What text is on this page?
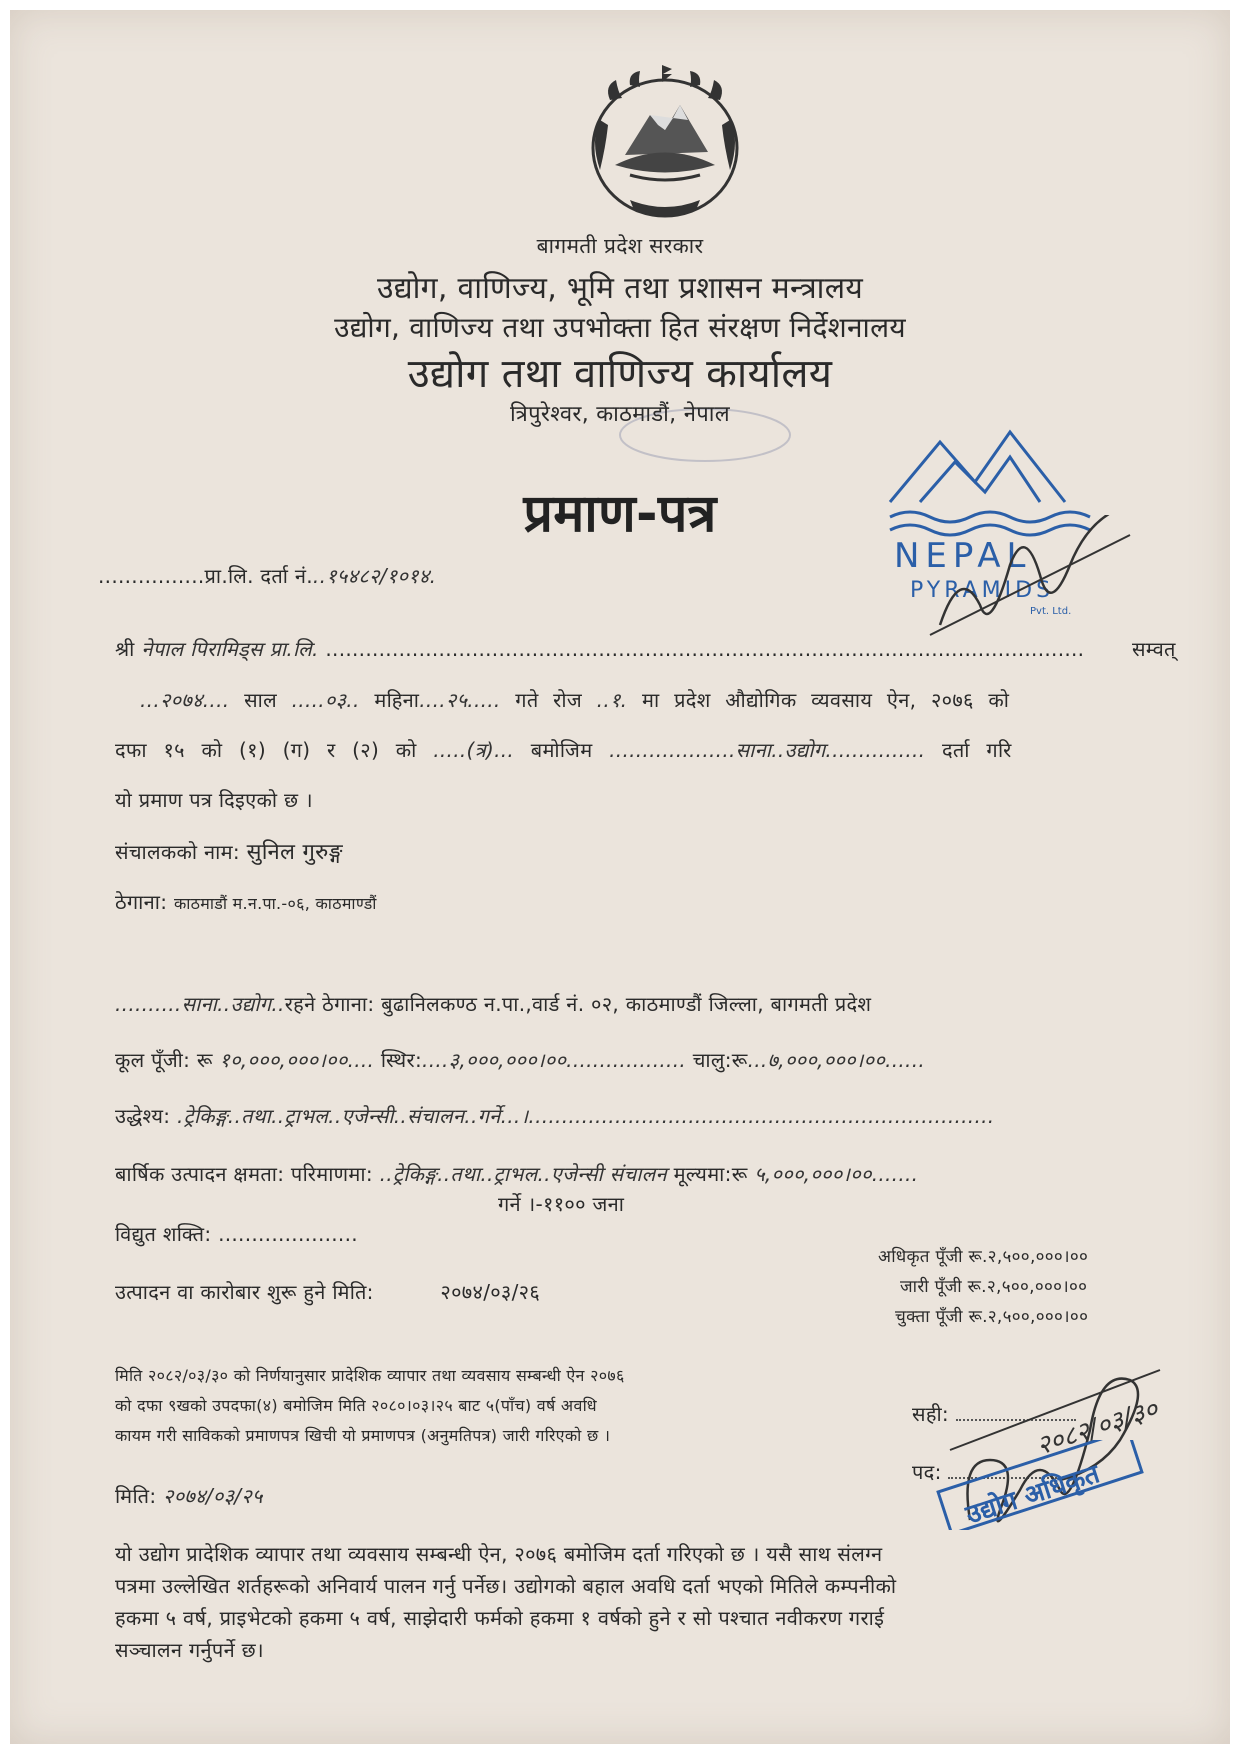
बागमती प्रदेश सरकार
उद्योग, वाणिज्य, भूमि तथा प्रशासन मन्त्रालय
उद्योग, वाणिज्य तथा उपभोक्ता हित संरक्षण निर्देशनालय
उद्योग तथा वाणिज्य कार्यालय
त्रिपुरेश्वर, काठमाडौं, नेपाल
प्रमाण-पत्र
NEPAL
PYRAMIDS
Pvt. Ltd.
................प्रा.लि. दर्ता नं...१५४८२/१०१४.
श्री नेपाल पिरामिड्स प्रा.लि. .................................................................................................................. सम्वत्
...२०७४.... साल .....०३.. महिना....२५..... गते रोज ..१. मा प्रदेश औद्योगिक व्यवसाय ऐन, २०७६ को
दफा १५ को (१) (ग) र (२) को .....(त्र)... बमोजिम ...................साना..उद्योग............... दर्ता गरि
यो प्रमाण पत्र दिइएको छ ।
संचालकको नाम: सुनिल गुरुङ्ग
ठेगाना: काठमाडौं म.न.पा.-०६, काठमाण्डौं
..........साना..उद्योग..रहने ठेगाना: बुढानिलकण्ठ न.पा.,वार्ड नं. ०२, काठमाण्डौं जिल्ला, बागमती प्रदेश
कूल पूँजी: रू १०,०००,०००।००.... स्थिर:....३,०००,०००।००.................. चालु:रू...७,०००,०००।००......
उद्धेश्य: .ट्रेकिङ्ग..तथा..ट्राभल..एजेन्सी..संचालन..गर्ने...।......................................................................
बार्षिक उत्पादन क्षमता: परिमाणमा: ..ट्रेकिङ्ग..तथा..ट्राभल..एजेन्सी संचालन मूल्यमा:रू ५,०००,०००।००.......
गर्ने ।-११०० जना
विद्युत शक्ति: .....................
अधिकृत पूँजी रू.२,५००,०००।००
जारी पूँजी रू.२,५००,०००।००
चुक्ता पूँजी रू.२,५००,०००।००
उत्पादन वा कारोबार शुरू हुने मिति:	२०७४/०३/२६
मिति २०८२/०३/३० को निर्णयानुसार प्रादेशिक व्यापार तथा व्यवसाय सम्बन्धी ऐन २०७६
को दफा ९खको उपदफा(४) बमोजिम मिति २०८०।०३।२५ बाट ५(पाँच) वर्ष अवधि
कायम गरी साविकको प्रमाणपत्र खिची यो प्रमाणपत्र (अनुमतिपत्र) जारी गरिएको छ ।
सही:
पद:
२०८२/०३/३०
उद्योग अधिकृत
मिति: २०७४/०३/२५
यो उद्योग प्रादेशिक व्यापार तथा व्यवसाय सम्बन्धी ऐन, २०७६ बमोजिम दर्ता गरिएको छ । यसै साथ संलग्न
पत्रमा उल्लेखित शर्तहरूको अनिवार्य पालन गर्नु पर्नेछ। उद्योगको बहाल अवधि दर्ता भएको मितिले कम्पनीको
हकमा ५ वर्ष, प्राइभेटको हकमा ५ वर्ष, साझेदारी फर्मको हकमा १ वर्षको हुने र सो पश्चात नवीकरण गराई
सञ्चालन गर्नुपर्ने छ।
